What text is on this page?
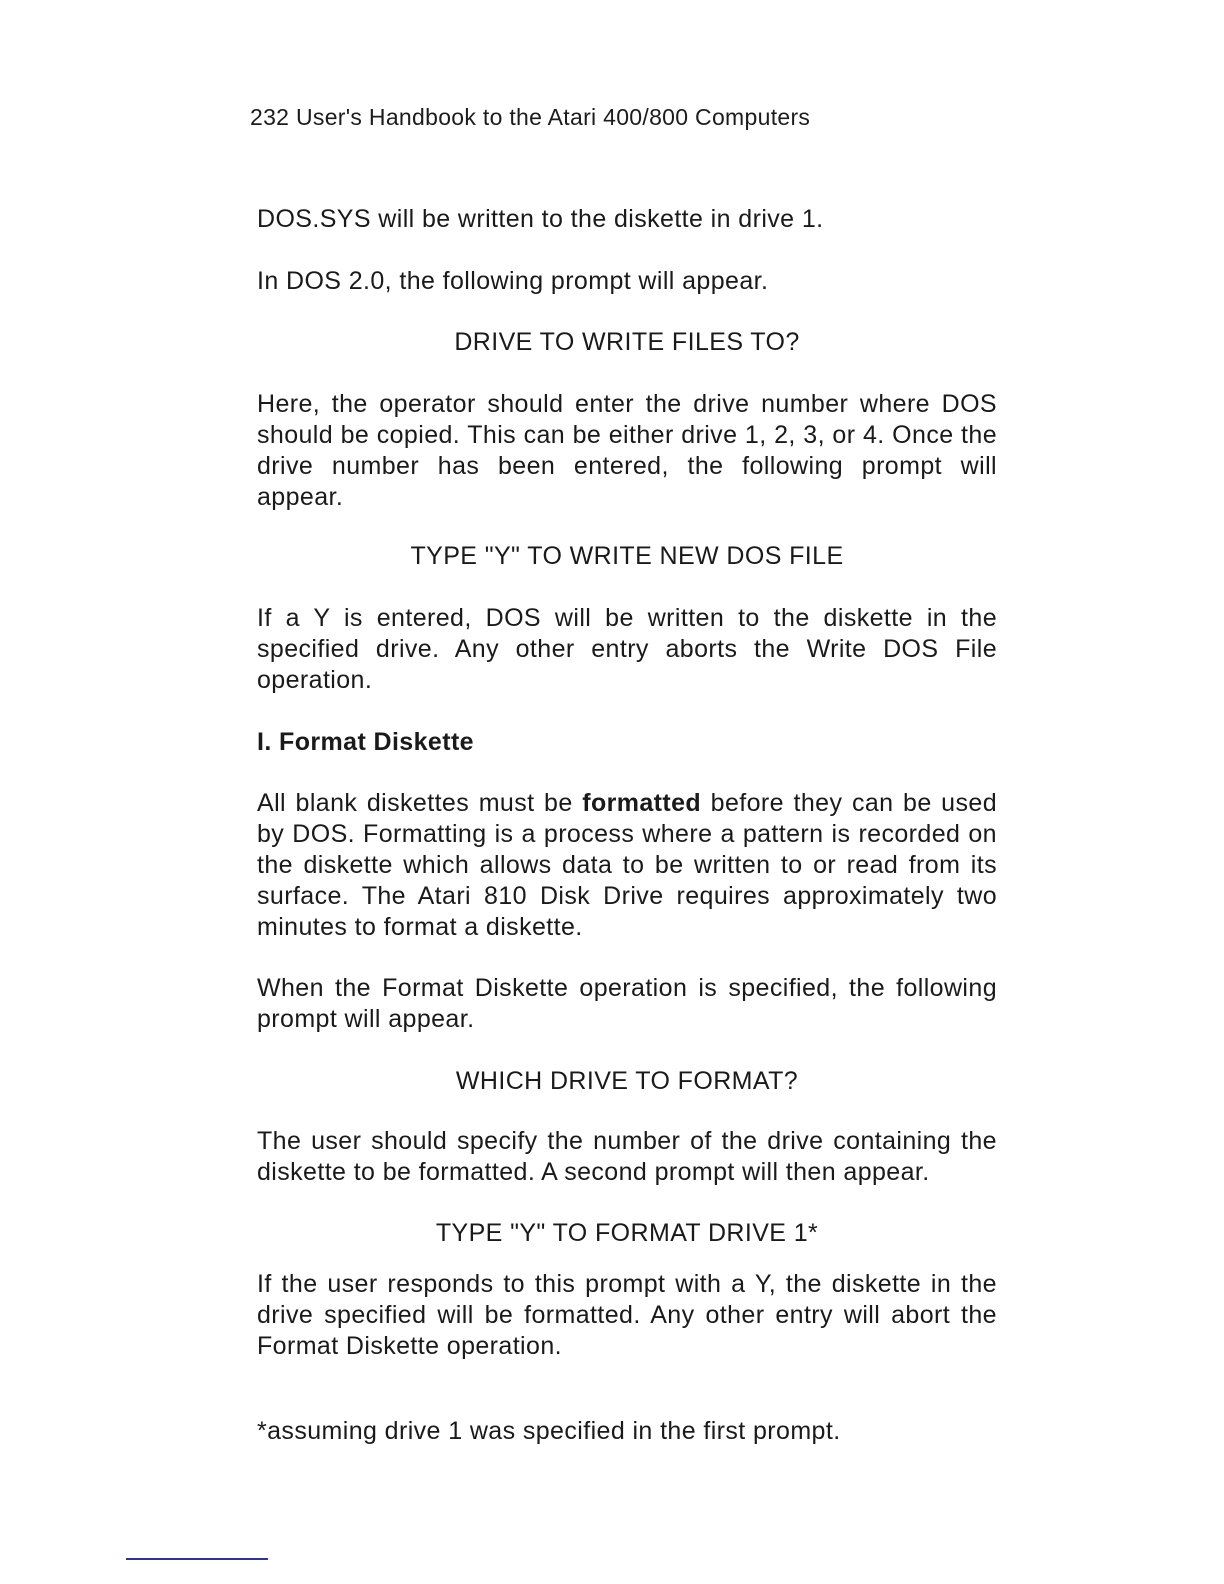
232 User's Handbook to the Atari 400/800 Computers
DOS.SYS will be written to the diskette in drive 1.
In DOS 2.0, the following prompt will appear.
DRIVE TO WRITE FILES TO?
Here, the operator should enter the drive number where DOS should be copied. This can be either drive 1, 2, 3, or 4. Once the drive number has been entered, the following prompt will appear.
TYPE "Y" TO WRITE NEW DOS FILE
If a Y is entered, DOS will be written to the diskette in the specified drive. Any other entry aborts the Write DOS File operation.
I. Format Diskette
All blank diskettes must be formatted before they can be used by DOS. Formatting is a process where a pattern is recorded on the diskette which allows data to be written to or read from its surface. The Atari 810 Disk Drive requires approximately two minutes to format a diskette.
When the Format Diskette operation is specified, the following prompt will appear.
WHICH DRIVE TO FORMAT?
The user should specify the number of the drive containing the diskette to be formatted. A second prompt will then appear.
TYPE "Y" TO FORMAT DRIVE 1*
If the user responds to this prompt with a Y, the diskette in the drive specified will be formatted. Any other entry will abort the Format Diskette operation.
*assuming drive 1 was specified in the first prompt.
